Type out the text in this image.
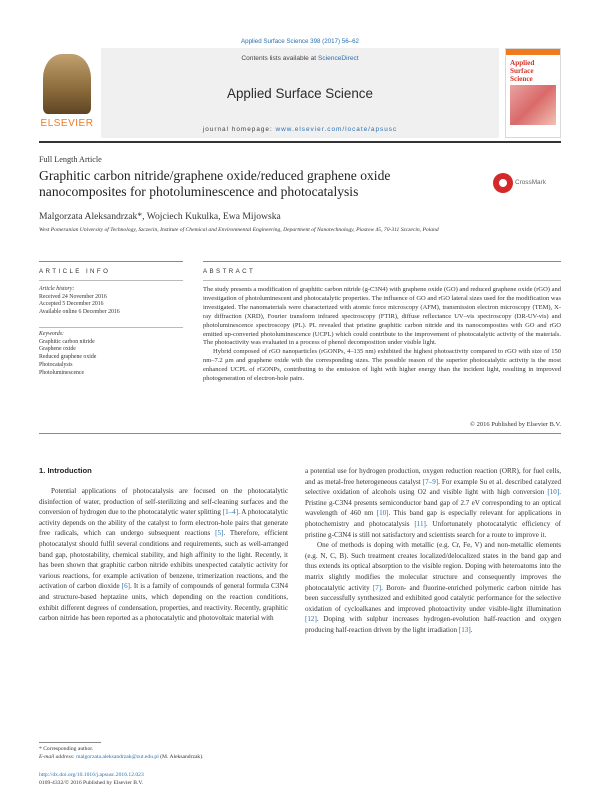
Applied Surface Science 398 (2017) 56–62
ELSEVIER
Contents lists available at ScienceDirect
Applied Surface Science
journal homepage: www.elsevier.com/locate/apsusc
Applied Surface Science
Full Length Article
Graphitic carbon nitride/graphene oxide/reduced graphene oxide nanocomposites for photoluminescence and photocatalysis
CrossMark
Malgorzata Aleksandrzak*, Wojciech Kukulka, Ewa Mijowska
West Pomeranian University of Technology, Szczecin, Institute of Chemical and Environmental Engineering, Department of Nanotechnology, Piastow 45, 70-311 Szczecin, Poland
ARTICLE INFO	ABSTRACT
Article history:
Received 24 November 2016
Accepted 5 December 2016
Available online 6 December 2016
Keywords:
Graphitic carbon nitride
Graphene oxide
Reduced graphene oxide
Photocatalysis
Photoluminescence

The study presents a modification of graphitic carbon nitride (g-C3N4) with graphene oxide (GO) and reduced graphene oxide (rGO) and investigation of photoluminescent and photocatalytic properties. The influence of GO and rGO lateral sizes used for the modification was investigated. The nanomaterials were characterized with atomic force microscopy (AFM), transmission electron microscopy (TEM), X-ray diffraction (XRD), Fourier transform infrared spectroscopy (FTIR), diffuse reflectance UV–vis spectroscopy (DR-UV-vis) and photoluminescence spectroscopy (PL). PL revealed that pristine graphitic carbon nitride and its nanocomposites with GO and rGO emitted up-converted photoluminescence (UCPL) which could contribute to the improvement of photocatalytic activity of the materials. The photoactivity was evaluated in a process of phenol decomposition under visible light.

Hybrid composed of rGO nanoparticles (rGONPs, 4–135 nm) exhibited the highest photoactivity compared to rGO with size of 150 nm–7.2 μm and graphene oxide with the corresponding sizes. The possible reason of the superior photocatalytic activity is the most enhanced UCPL of rGONPs, contributing to the emission of light with higher energy than the incident light, resulting in improved photogeneration of electron-hole pairs.

© 2016 Published by Elsevier B.V.
1. Introduction

Potential applications of photocatalysis are focused on the photocatalytic disinfection of water, production of self-sterilizing and self-cleaning surfaces and the conversion of hydrogen due to the photocatalytic water splitting [1–4]. A photocatalytic activity depends on the ability of the catalyst to form electron-hole pairs that generate free radicals, which can undergo subsequent reactions [5]. Therefore, efficient photocatalyst should fulfil several conditions and requirements, such as well-arranged band gap, photostability, chemical stability, and high affinity to the light. Recently, it has been shown that graphitic carbon nitride exhibits unexpected catalytic activity for various reactions, for example activation of benzene, trimerization reactions, and the activation of carbon dioxide [6]. It is a family of compounds of general formula C3N4 and structure-based heptazine units, which depending on the reaction conditions, exhibit different degrees of condensation, properties, and reactivity. Recently, graphitic carbon nitride has been reported as a photocatalytic and photovoltaic material with

a potential use for hydrogen production, oxygen reduction reaction (ORR), for fuel cells, and as metal-free heterogeneous catalyst [7–9]. For example Su et al. described catalyzed selective oxidation of alcohols using O2 and visible light with high conversion [10]. Pristine g-C3N4 presents semiconductor band gap of 2.7 eV corresponding to an optical wavelength of 460 nm [10]. This band gap is especially relevant for applications in photochemistry and photocatalysis [11]. Unfortunately photocatalytic efficiency of pristine g-C3N4 is still not satisfactory and scientists search for a route to improve it.

One of methods is doping with metallic (e.g. Cr, Fe, V) and non-metallic elements (e.g. N, C, B). Such treatment creates localized/delocalized states in the band gap and thus extends its optical absorption to the visible region. Doping with heteroatoms into the matrix slightly modifies the molecular structure and consequently improves the photocatalytic activity [7]. Boron- and fluorine-enriched polymeric carbon nitride has been successfully synthesized and exhibited good catalytic performance for the selective oxidation of cycloalkanes and improved photoactivity under visible-light illumination [12]. Doping with sulphur increases hydrogen-evolution half-reaction and oxygen producing half-reaction driven by the light irradiation [13].

* Corresponding author.
E-mail address: malgorzata.aleksandrzak@zut.edu.pl (M. Aleksandrzak).
http://dx.doi.org/10.1016/j.apsusc.2016.12.023
0169-4332/© 2016 Published by Elsevier B.V.
